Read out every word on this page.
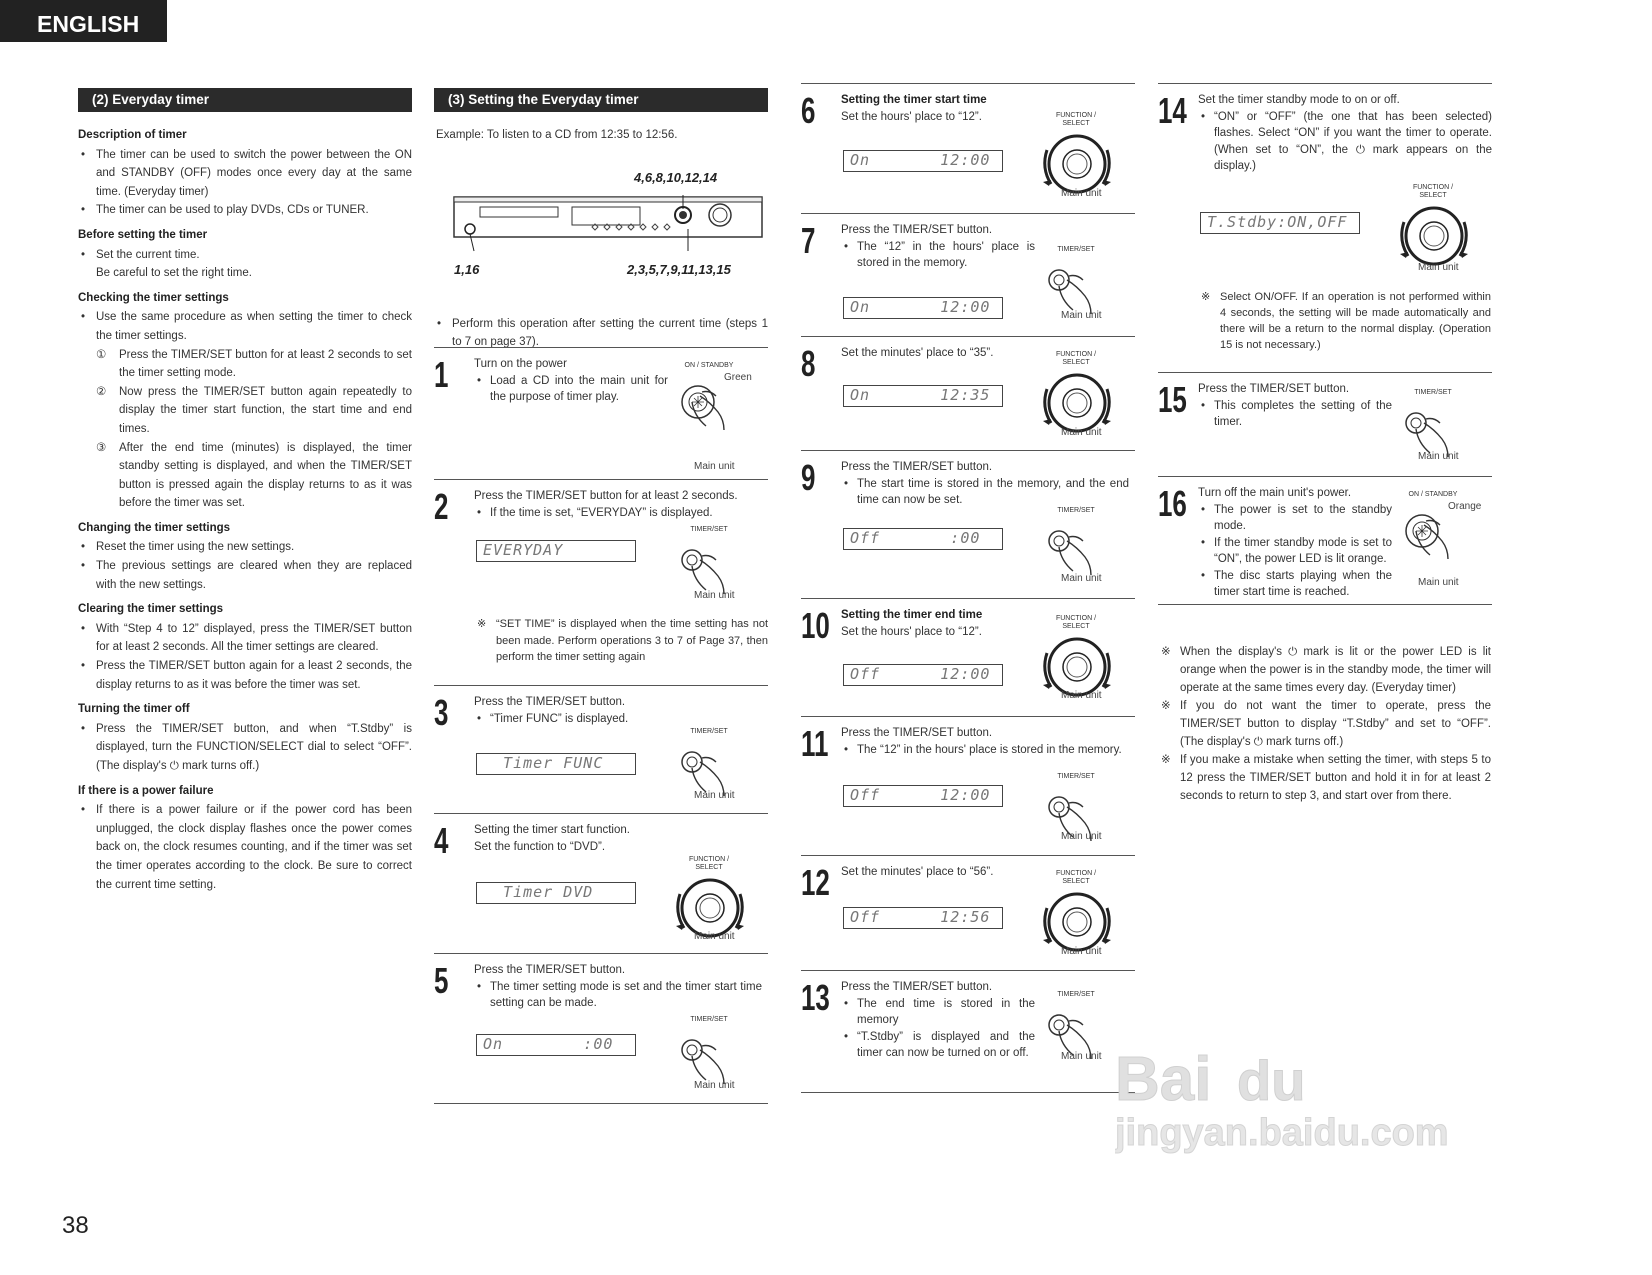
ENGLISH
(2) Everyday timer
Description of timer
• The timer can be used to switch the power between the ON and STANDBY (OFF) modes once every day at the same time. (Everyday timer)
• The timer can be used to play DVDs, CDs or TUNER.
Before setting the timer
• Set the current time.

Be careful to set the right time.

Checking the timer settings
• Use the same procedure as when setting the timer to check the timer settings.
① Press the TIMER/SET button for at least 2 seconds to set the timer setting mode.
② Now press the TIMER/SET button again repeatedly to display the timer start function, the start time and end times.
③ After the end time (minutes) is displayed, the timer standby setting is displayed, and when the TIMER/SET button is pressed again the display returns to as it was before the timer was set.
Changing the timer settings
• Reset the timer using the new settings.
• The previous settings are cleared when they are replaced with the new settings.
Clearing the timer settings
• With “Step 4 to 12” displayed, press the TIMER/SET button for at least 2 seconds. All the timer settings are cleared.
• Press the TIMER/SET button again for a least 2 seconds, the display returns to as it was before the timer was set.
Turning the timer off
• Press the TIMER/SET button, and when “T.Stdby” is displayed, turn the FUNCTION/SELECT dial to select “OFF”. (The display's ⏻ mark turns off.)
If there is a power failure
• If there is a power failure or if the power cord has been unplugged, the clock display flashes once the power comes back on, the clock resumes counting, and if the timer was set the timer operates according to the clock. Be sure to correct the current time setting.
(3) Setting the Everyday timer

Example: To listen to a CD from 12:35 to 12:56.

4,6,8,10,12,14
1,16	2,3,5,7,9,11,13,15
• Perform this operation after setting the current time (steps 1 to 7 on page 37).
1 Turn on the power
• Load a CD into the main unit for the purpose of timer play.
ON / STANDBY
Green
Main unit
2 Press the TIMER/SET button for at least 2 seconds.
• If the time is set, “EVERYDAY” is displayed.
EVERYDAY
TIMER/SET
Main unit
3 Press the TIMER/SET button.
• “Timer FUNC” is displayed.
Timer FUNC
TIMER/SET
Main unit
4 Setting the timer start function.
Set the function to “DVD”.
Timer DVD
FUNCTION / SELECT
Main unit
5 Press the TIMER/SET button.
• The timer setting mode is set and the timer start time setting can be made.
On        :00
TIMER/SET
Main unit
6 Setting the timer start time
Set the hours' place to “12”.
On       12:00
FUNCTION / SELECT
Main unit
7 Press the TIMER/SET button.
• The “12” in the hours' place is stored in the memory.
On       12:00
TIMER/SET
Main unit
8 Set the minutes' place to “35”.
On       12:35
FUNCTION / SELECT
Main unit
9 Press the TIMER/SET button.
• The start time is stored in the memory, and the end time can now be set.
Off       :00
TIMER/SET
Main unit
10 Setting the timer end time
Set the hours' place to “12”.
Off      12:00
FUNCTION / SELECT
Main unit
11 Press the TIMER/SET button.
• The “12” in the hours' place is stored in the memory.
Off      12:00
TIMER/SET
Main unit
12 Set the minutes' place to “56”.
Off      12:56
FUNCTION / SELECT
Main unit
13 Press the TIMER/SET button.
• The end time is stored in the memory
• “T.Stdby” is displayed and the timer can now be turned on or off.
TIMER/SET
Main unit
14 Set the timer standby mode to on or off.
• “ON” or “OFF” (the one that has been selected) flashes. Select “ON” if you want the timer to operate. (When set to “ON”, the ⏻ mark appears on the display.)
T.Stdby:ON,OFF
FUNCTION / SELECT
Main unit
15 Press the TIMER/SET button.
• This completes the setting of the timer.
TIMER/SET
Main unit
16 Turn off the main unit's power.
• The power is set to the standby mode.
• If the timer standby mode is set to “ON”, the power LED is lit orange.
• The disc starts playing when the timer start time is reached.
ON / STANDBY
Orange
Main unit
※ Select ON/OFF. If an operation is not performed within 4 seconds, the setting will be made automatically and there will be a return to the normal display. (Operation 15 is not necessary.)
※ “SET TIME” is displayed when the time setting has not been made. Perform operations 3 to 7 of Page 37, then perform the timer setting again	※ When the display's ⏻ mark is lit or the power LED is lit orange when the power is in the standby mode, the timer will operate at the same times every day. (Everyday timer)
※ If you do not want the timer to operate, press the TIMER/SET button to display “T.Stdby” and set to “OFF”. (The display's ⏻ mark turns off.)
※ If you make a mistake when setting the timer, with steps 5 to 12 press the TIMER/SET button and hold it in for at least 2 seconds to return to step 3, and start over from there.
Bai du
jingyan.baidu.com
38
